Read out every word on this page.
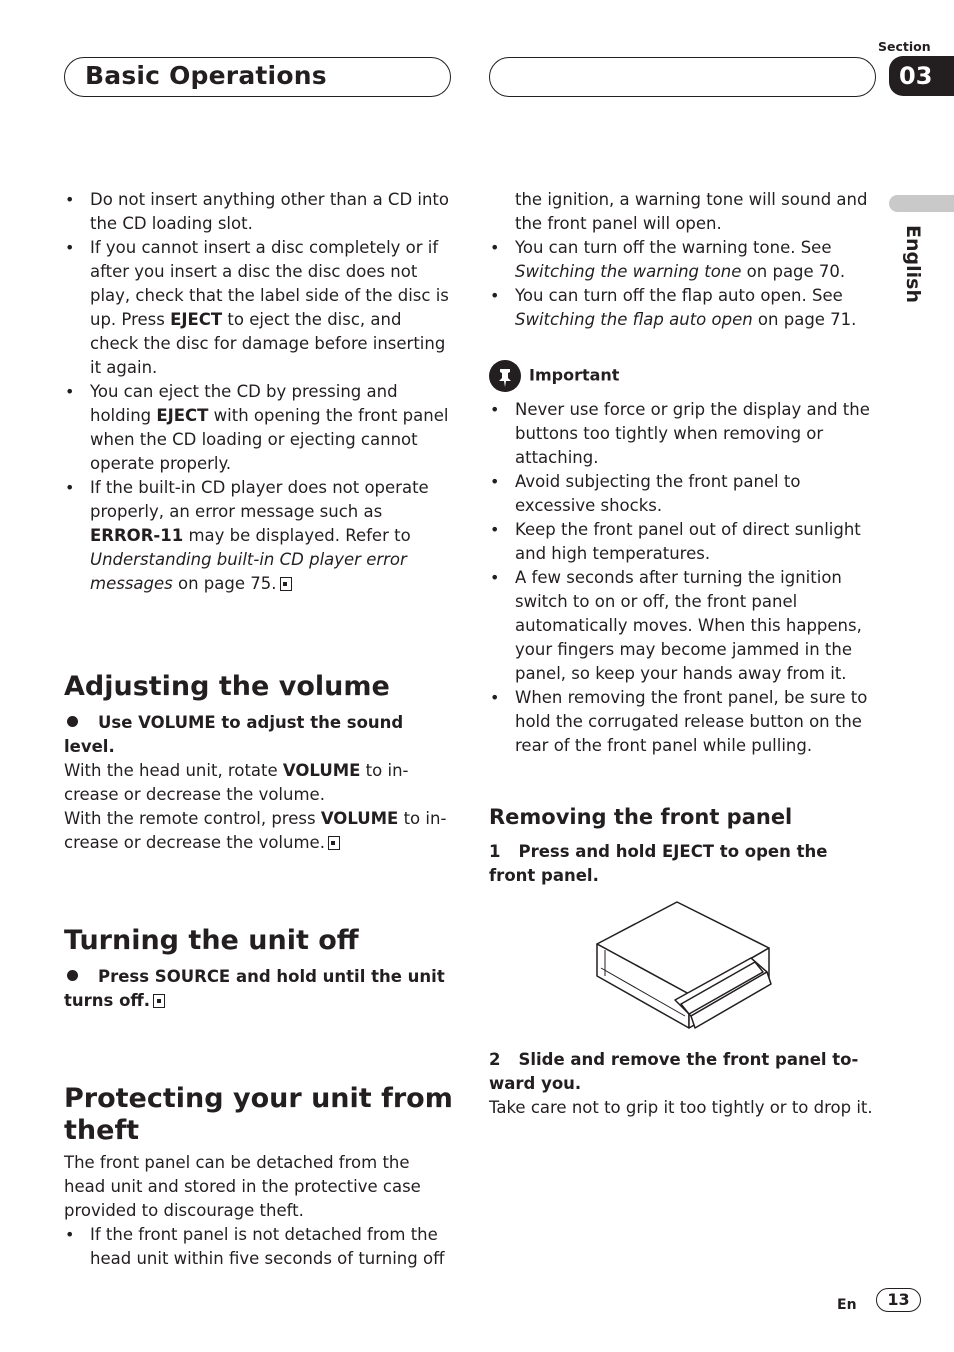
Basic Operations
Section
03
English
• Do not insert anything other than a CD into the CD loading slot.
• If you cannot insert a disc completely or if after you insert a disc the disc does not play, check that the label side of the disc is up. Press EJECT to eject the disc, and check the disc for damage before inserting it again.
• You can eject the CD by pressing and holding EJECT with opening the front panel when the CD loading or ejecting cannot operate properly.
• If the built-in CD player does not operate properly, an error message such as ERROR-11 may be displayed. Refer to Understanding built-in CD player error messages on page 75.
Adjusting the volume
Use VOLUME to adjust the sound level.

With the head unit, rotate VOLUME to increase or decrease the volume.

With the remote control, press VOLUME to increase or decrease the volume.

Turning the unit off
Press SOURCE and hold until the unit turns off.
Protecting your unit from theft

The front panel can be detached from the head unit and stored in the protective case provided to discourage theft.

• If the front panel is not detached from the head unit within five seconds of turning off

the ignition, a warning tone will sound and the front panel will open.

• You can turn off the warning tone. See Switching the warning tone on page 70.
• You can turn off the flap auto open. See Switching the flap auto open on page 71.
Important
• Never use force or grip the display and the buttons too tightly when removing or attaching.
• Avoid subjecting the front panel to excessive shocks.
• Keep the front panel out of direct sunlight and high temperatures.
• A few seconds after turning the ignition switch to on or off, the front panel automatically moves. When this happens, your fingers may become jammed in the panel, so keep your hands away from it.
• When removing the front panel, be sure to hold the corrugated release button on the rear of the front panel while pulling.
Removing the front panel
1 Press and hold EJECT to open the front panel.
2 Slide and remove the front panel toward you.

Take care not to grip it too tightly or to drop it.

En	13
